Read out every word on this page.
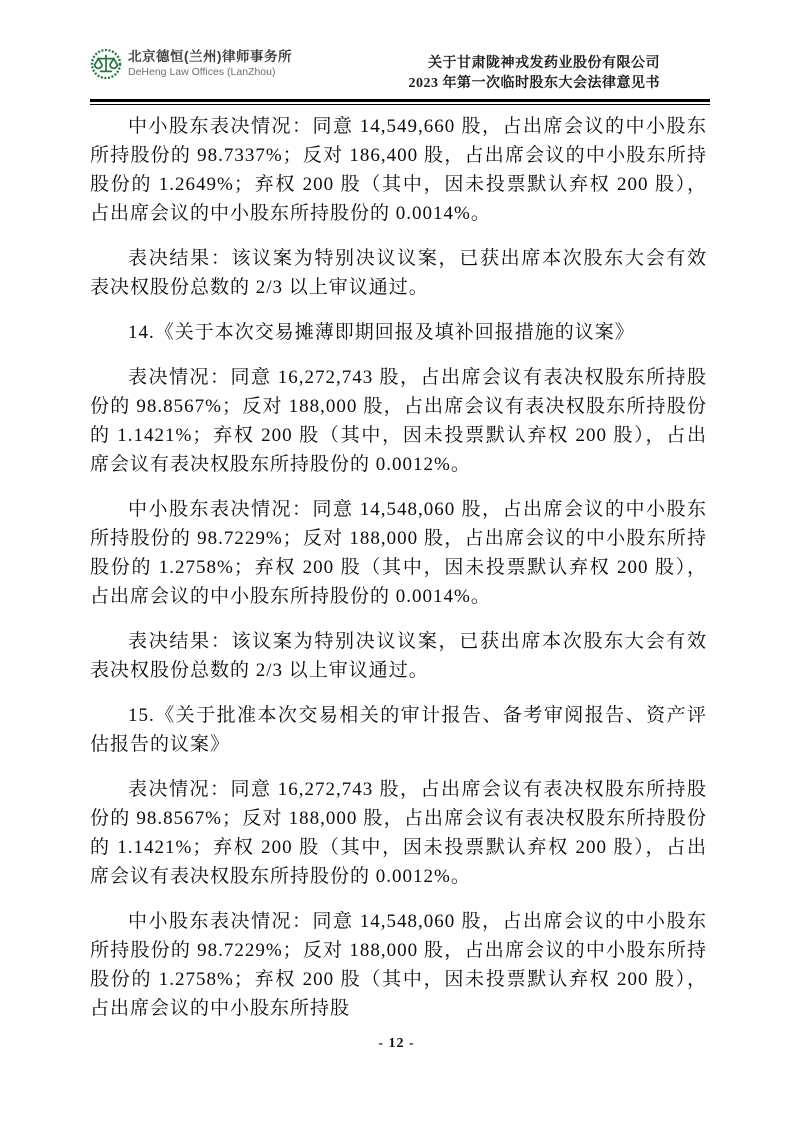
北京德恒(兰州)律师事务所
DeHeng Law Offices (LanZhou)
关于甘肃陇神戎发药业股份有限公司
2023 年第一次临时股东大会法律意见书

中小股东表决情况：同意 14,549,660 股，占出席会议的中小股东所持股份的 98.7337%；反对 186,400 股，占出席会议的中小股东所持股份的 1.2649%；弃权 200 股（其中，因未投票默认弃权 200 股），占出席会议的中小股东所持股份的 0.0014%。

表决结果：该议案为特别决议议案，已获出席本次股东大会有效表决权股份总数的 2/3 以上审议通过。

14.《关于本次交易摊薄即期回报及填补回报措施的议案》

表决情况：同意 16,272,743 股，占出席会议有表决权股东所持股份的 98.8567%；反对 188,000 股，占出席会议有表决权股东所持股份的 1.1421%；弃权 200 股（其中，因未投票默认弃权 200 股），占出席会议有表决权股东所持股份的 0.0012%。

中小股东表决情况：同意 14,548,060 股，占出席会议的中小股东所持股份的 98.7229%；反对 188,000 股，占出席会议的中小股东所持股份的 1.2758%；弃权 200 股（其中，因未投票默认弃权 200 股），占出席会议的中小股东所持股份的 0.0014%。

表决结果：该议案为特别决议议案，已获出席本次股东大会有效表决权股份总数的 2/3 以上审议通过。

15.《关于批准本次交易相关的审计报告、备考审阅报告、资产评估报告的议案》

表决情况：同意 16,272,743 股，占出席会议有表决权股东所持股份的 98.8567%；反对 188,000 股，占出席会议有表决权股东所持股份的 1.1421%；弃权 200 股（其中，因未投票默认弃权 200 股），占出席会议有表决权股东所持股份的 0.0012%。

中小股东表决情况：同意 14,548,060 股，占出席会议的中小股东所持股份的 98.7229%；反对 188,000 股，占出席会议的中小股东所持股份的 1.2758%；弃权 200 股（其中，因未投票默认弃权 200 股），占出席会议的中小股东所持股

- 12 -
